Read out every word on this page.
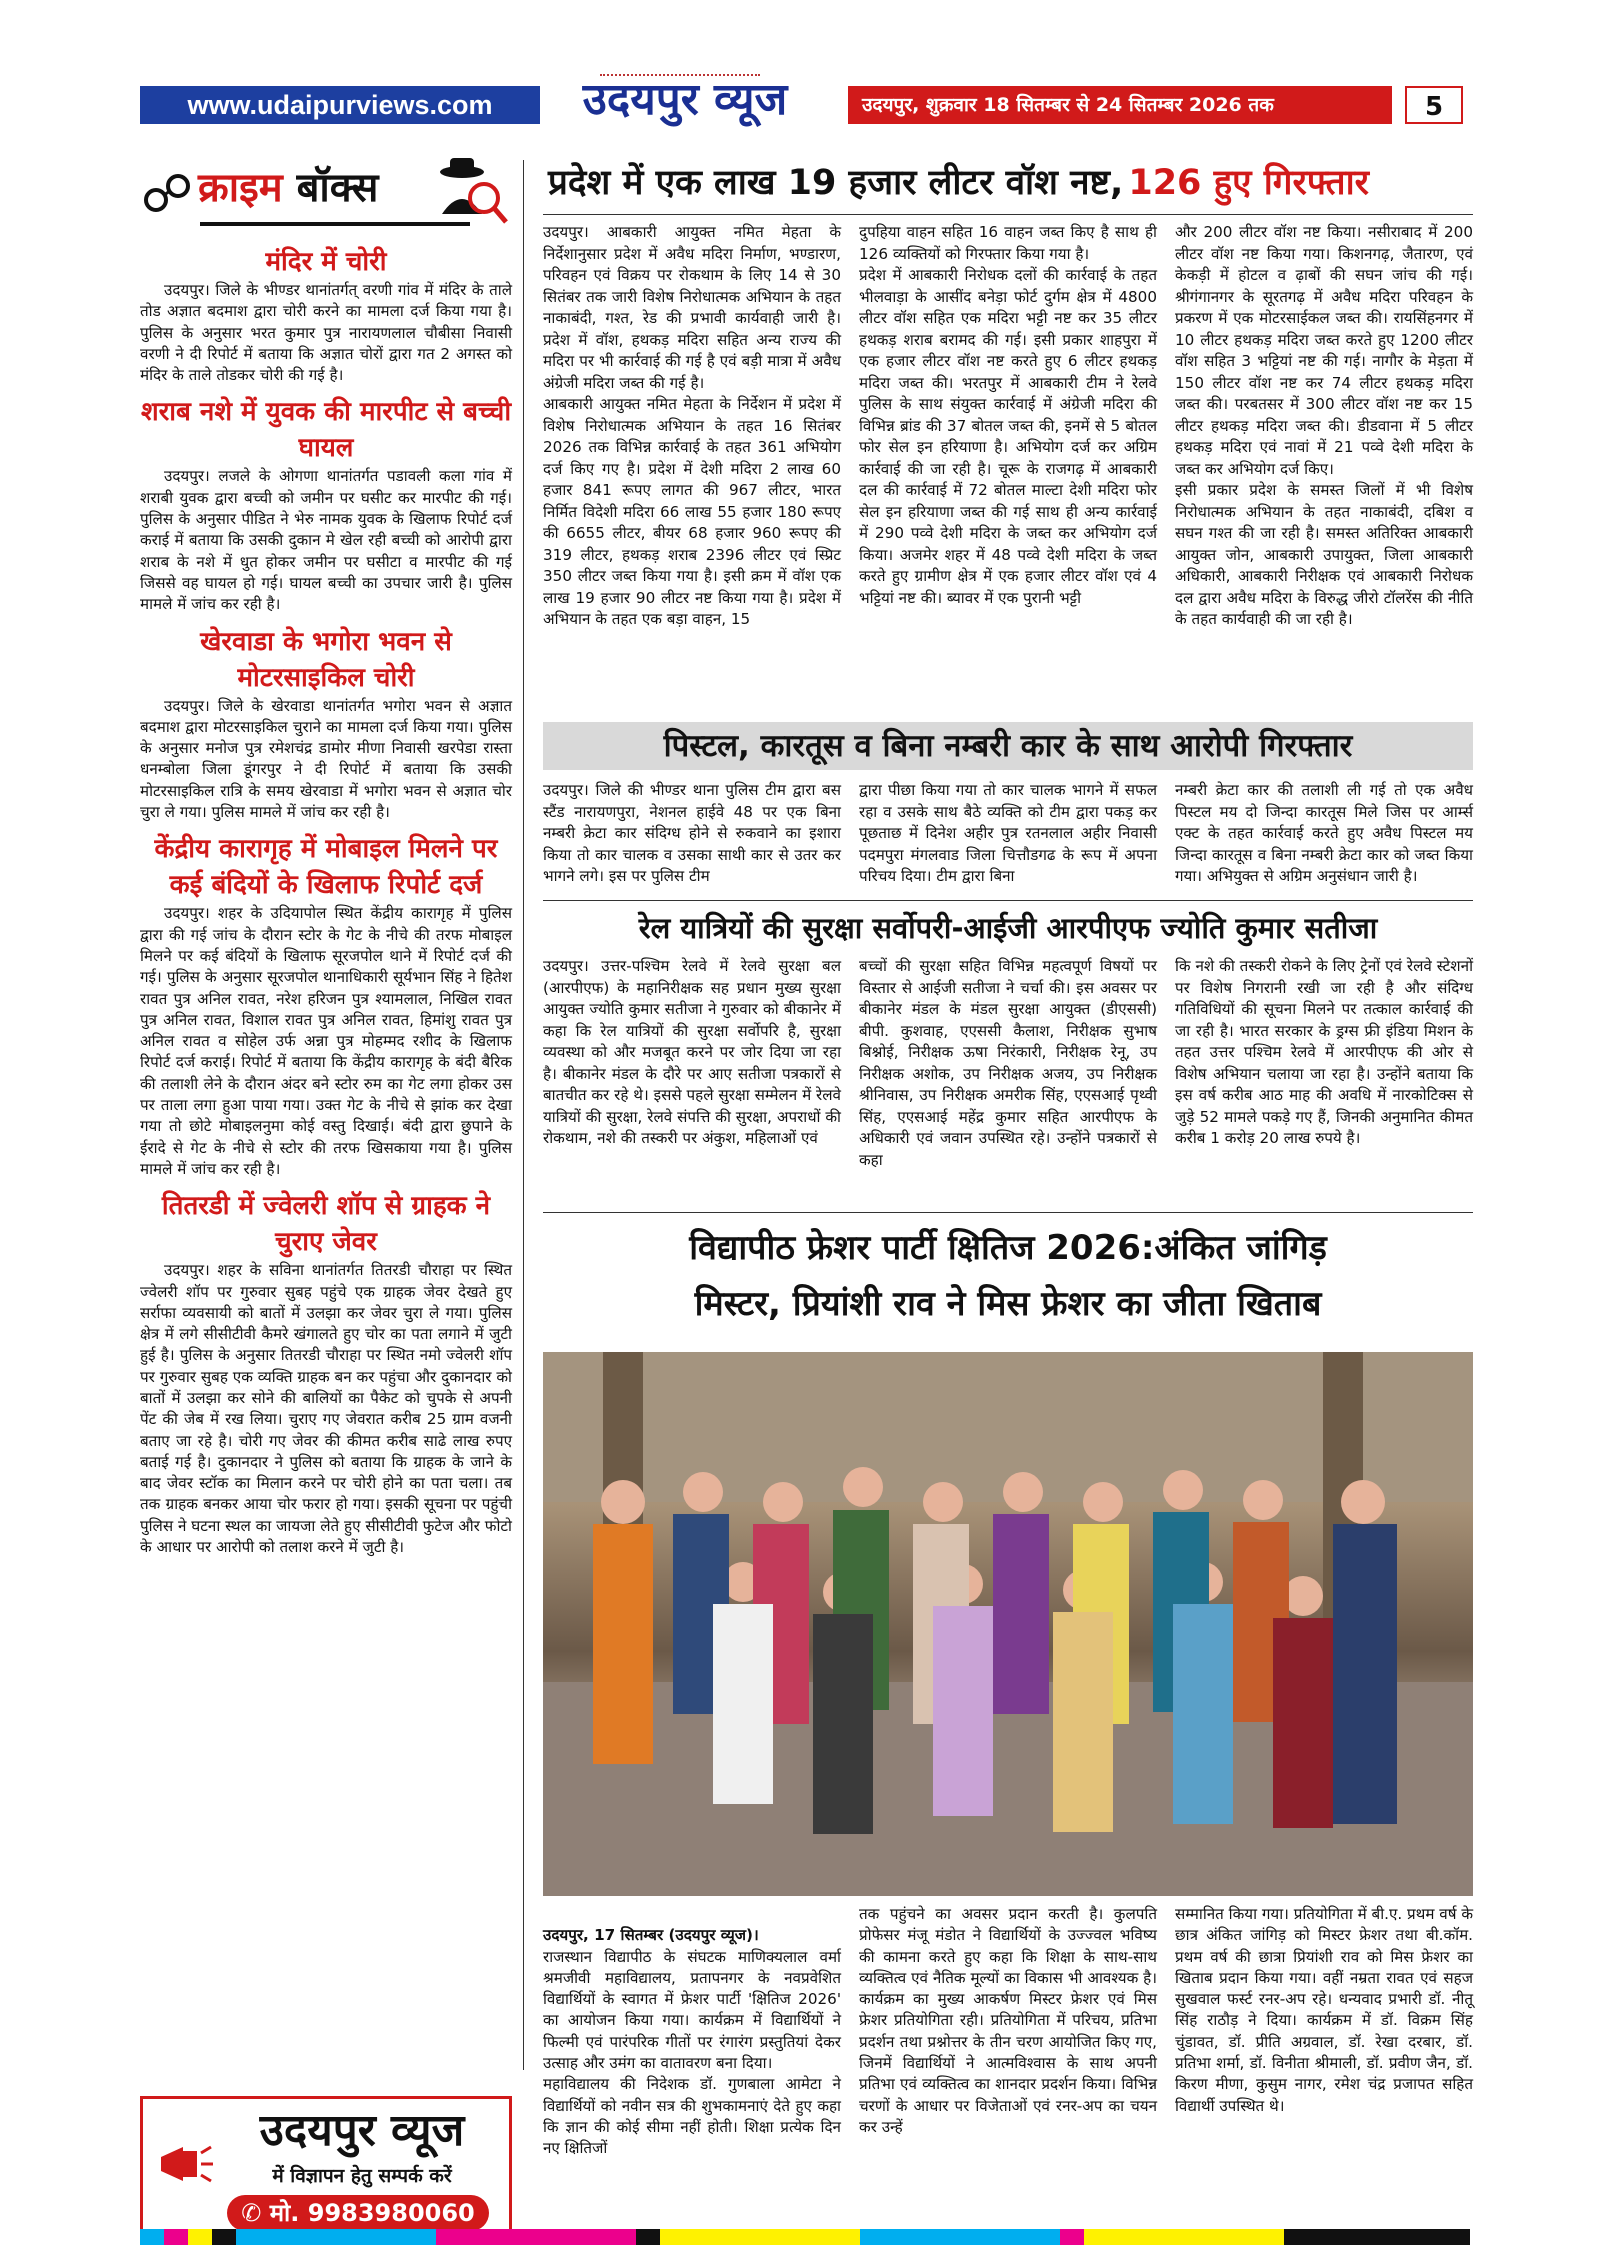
www.udaipurviews.com	उदयपुर व्यूज	उदयपुर, शुक्रवार 18 सितम्बर से 24 सितम्बर 2026 तक	5
क्राइम बॉक्स
मंदिर में चोरी

उदयपुर। जिले के भीण्डर थानांतर्गत् वरणी गांव में मंदिर के ताले तोड अज्ञात बदमाश द्वारा चोरी करने का मामला दर्ज किया गया है। पुलिस के अनुसार भरत कुमार पुत्र नारायणलाल चौबीसा निवासी वरणी ने दी रिपोर्ट में बताया कि अज्ञात चोरों द्वारा गत 2 अगस्त को मंदिर के ताले तोडकर चोरी की गई है।

शराब नशे में युवक की मारपीट से बच्ची घायल

उदयपुर। लजले के ओगणा थानांतर्गत पडावली कला गांव में शराबी युवक द्वारा बच्ची को जमीन पर घसीट कर मारपीट की गई। पुलिस के अनुसार पीडित ने भेरु नामक युवक के खिलाफ रिपोर्ट दर्ज कराई में बताया कि उसकी दुकान मे खेल रही बच्ची को आरोपी द्वारा शराब के नशे में धुत होकर जमीन पर घसीटा व मारपीट की गई जिससे वह घायल हो गई। घायल बच्ची का उपचार जारी है। पुलिस मामले में जांच कर रही है।

खेरवाडा के भगोरा भवन से मोटरसाइकिल चोरी

उदयपुर। जिले के खेरवाडा थानांतर्गत भगोरा भवन से अज्ञात बदमाश द्वारा मोटरसाइकिल चुराने का मामला दर्ज किया गया। पुलिस के अनुसार मनोज पुत्र रमेशचंद्र डामोर मीणा निवासी खरपेडा रास्ता धनम्बोला जिला डूंगरपुर ने दी रिपोर्ट में बताया कि उसकी मोटरसाइकिल रात्रि के समय खेरवाडा में भगोरा भवन से अज्ञात चोर चुरा ले गया। पुलिस मामले में जांच कर रही है।

केंद्रीय कारागृह में मोबाइल मिलने पर कई बंदियों के खिलाफ रिपोर्ट दर्ज

उदयपुर। शहर के उदियापोल स्थित केंद्रीय कारागृह में पुलिस द्वारा की गई जांच के दौरान स्टोर के गेट के नीचे की तरफ मोबाइल मिलने पर कई बंदियों के खिलाफ सूरजपोल थाने में रिपोर्ट दर्ज की गई। पुलिस के अनुसार सूरजपोल थानाधिकारी सूर्यभान सिंह ने हितेश रावत पुत्र अनिल रावत, नरेश हरिजन पुत्र श्यामलाल, निखिल रावत पुत्र अनिल रावत, विशाल रावत पुत्र अनिल रावत, हिमांशु रावत पुत्र अनिल रावत व सोहेल उर्फ अन्ना पुत्र मोहम्मद रशीद के खिलाफ रिपोर्ट दर्ज कराई। रिपोर्ट में बताया कि केंद्रीय कारागृह के बंदी बैरिक की तलाशी लेने के दौरान अंदर बने स्टोर रुम का गेट लगा होकर उस पर ताला लगा हुआ पाया गया। उक्त गेट के नीचे से झांक कर देखा गया तो छोटे मोबाइलनुमा कोई वस्तु दिखाई। बंदी द्वारा छुपाने के ईरादे से गेट के नीचे से स्टोर की तरफ खिसकाया गया है। पुलिस मामले में जांच कर रही है।

तितरडी में ज्वेलरी शॉप से ग्राहक ने चुराए जेवर

उदयपुर। शहर के सविना थानांतर्गत तितरडी चौराहा पर स्थित ज्वेलरी शॉप पर गुरुवार सुबह पहुंचे एक ग्राहक जेवर देखते हुए सर्राफा व्यवसायी को बातों में उलझा कर जेवर चुरा ले गया। पुलिस क्षेत्र में लगे सीसीटीवी कैमरे खंगालते हुए चोर का पता लगाने में जुटी हुई है। पुलिस के अनुसार तितरडी चौराहा पर स्थित नमो ज्वेलरी शॉप पर गुरुवार सुबह एक व्यक्ति ग्राहक बन कर पहुंचा और दुकानदार को बातों में उलझा कर सोने की बालियों का पैकेट को चुपके से अपनी पेंट की जेब में रख लिया। चुराए गए जेवरात करीब 25 ग्राम वजनी बताए जा रहे है। चोरी गए जेवर की कीमत करीब साढे लाख रुपए बताई गई है। दुकानदार ने पुलिस को बताया कि ग्राहक के जाने के बाद जेवर स्टॉक का मिलान करने पर चोरी होने का पता चला। तब तक ग्राहक बनकर आया चोर फरार हो गया। इसकी सूचना पर पहुंची पुलिस ने घटना स्थल का जायजा लेते हुए सीसीटीवी फुटेज और फोटो के आधार पर आरोपी को तलाश करने में जुटी है।

उदयपुर व्यूज
में विज्ञापन हेतु सम्पर्क करें
✆ मो. 9983980060
प्रदेश में एक लाख 19 हजार लीटर वॉश नष्ट, 126 हुए गिरफ्तार
उदयपुर। आबकारी आयुक्त नमित मेहता के निर्देशानुसार प्रदेश में अवैध मदिरा निर्माण, भण्डारण, परिवहन एवं विक्रय पर रोकथाम के लिए 14 से 30 सितंबर तक जारी विशेष निरोधात्मक अभियान के तहत नाकाबंदी, गश्त, रेड की प्रभावी कार्यवाही जारी है। प्रदेश में वॉश, हथकड़ मदिरा सहित अन्य राज्य की मदिरा पर भी कार्रवाई की गई है एवं बड़ी मात्रा में अवैध अंग्रेजी मदिरा जब्त की गई है।
आबकारी आयुक्त नमित मेहता के निर्देशन में प्रदेश में विशेष निरोधात्मक अभियान के तहत 16 सितंबर 2026 तक विभिन्न कार्रवाई के तहत 361 अभियोग दर्ज किए गए है। प्रदेश में देशी मदिरा 2 लाख 60 हजार 841 रूपए लागत की 967 लीटर, भारत निर्मित विदेशी मदिरा 66 लाख 55 हजार 180 रूपए की 6655 लीटर, बीयर 68 हजार 960 रूपए की 319 लीटर, हथकड़ शराब 2396 लीटर एवं स्प्रिट 350 लीटर जब्त किया गया है। इसी क्रम में वॉश एक लाख 19 हजार 90 लीटर नष्ट किया गया है। प्रदेश में अभियान के तहत एक बड़ा वाहन, 15
दुपहिया वाहन सहित 16 वाहन जब्त किए है साथ ही 126 व्यक्तियों को गिरफ्तार किया गया है।
प्रदेश में आबकारी निरोधक दलों की कार्रवाई के तहत भीलवाड़ा के आसींद बनेड़ा फोर्ट दुर्गम क्षेत्र में 4800 लीटर वॉश सहित एक मदिरा भट्टी नष्ट कर 35 लीटर हथकड़ शराब बरामद की गई। इसी प्रकार शाहपुरा में एक हजार लीटर वॉश नष्ट करते हुए 6 लीटर हथकड़ मदिरा जब्त की। भरतपुर में आबकारी टीम ने रेलवे पुलिस के साथ संयुक्त कार्रवाई में अंग्रेजी मदिरा की विभिन्न ब्रांड की 37 बोतल जब्त की, इनमें से 5 बोतल फोर सेल इन हरियाणा है। अभियोग दर्ज कर अग्रिम कार्रवाई की जा रही है। चूरू के राजगढ़ में आबकारी दल की कार्रवाई में 72 बोतल माल्टा देशी मदिरा फोर सेल इन हरियाणा जब्त की गई साथ ही अन्य कार्रवाई में 290 पव्वे देशी मदिरा के जब्त कर अभियोग दर्ज किया। अजमेर शहर में 48 पव्वे देशी मदिरा के जब्त करते हुए ग्रामीण क्षेत्र में एक हजार लीटर वॉश एवं 4 भट्टियां नष्ट की। ब्यावर में एक पुरानी भट्टी
और 200 लीटर वॉश नष्ट किया। नसीराबाद में 200 लीटर वॉश नष्ट किया गया। किशनगढ़, जैतारण, एवं केकड़ी में होटल व ढ़ाबों की सघन जांच की गई। श्रीगंगानगर के सूरतगढ़ में अवैध मदिरा परिवहन के प्रकरण में एक मोटरसाईकल जब्त की। रायसिंहनगर में 10 लीटर हथकड़ मदिरा जब्त करते हुए 1200 लीटर वॉश सहित 3 भट्टियां नष्ट की गई। नागौर के मेड़ता में 150 लीटर वॉश नष्ट कर 74 लीटर हथकड़ मदिरा जब्त की। परबतसर में 300 लीटर वॉश नष्ट कर 15 लीटर हथकड़ मदिरा जब्त की। डीडवाना में 5 लीटर हथकड़ मदिरा एवं नावां में 21 पव्वे देशी मदिरा के जब्त कर अभियोग दर्ज किए।
इसी प्रकार प्रदेश के समस्त जिलों में भी विशेष निरोधात्मक अभियान के तहत नाकाबंदी, दबिश व सघन गश्त की जा रही है। समस्त अतिरिक्त आबकारी आयुक्त जोन, आबकारी उपायुक्त, जिला आबकारी अधिकारी, आबकारी निरीक्षक एवं आबकारी निरोधक दल द्वारा अवैध मदिरा के विरुद्ध जीरो टॉलरेंस की नीति के तहत कार्यवाही की जा रही है।
पिस्टल, कारतूस व बिना नम्बरी कार के साथ आरोपी गिरफ्तार
उदयपुर। जिले की भीण्डर थाना पुलिस टीम द्वारा बस स्टैंड नारायणपुरा, नेशनल हाईवे 48 पर एक बिना नम्बरी क्रेटा कार संदिग्ध होने से रुकवाने का इशारा किया तो कार चालक व उसका साथी कार से उतर कर भागने लगे। इस पर पुलिस टीम
द्वारा पीछा किया गया तो कार चालक भागने में सफल रहा व उसके साथ बैठे व्यक्ति को टीम द्वारा पकड़ कर पूछताछ में दिनेश अहीर पुत्र रतनलाल अहीर निवासी पदमपुरा मंगलवाड जिला चित्तौडगढ के रूप में अपना परिचय दिया। टीम द्वारा बिना
नम्बरी क्रेटा कार की तलाशी ली गई तो एक अवैध पिस्टल मय दो जिन्दा कारतूस मिले जिस पर आर्म्स एक्ट के तहत कार्रवाई करते हुए अवैध पिस्टल मय जिन्दा कारतूस व बिना नम्बरी क्रेटा कार को जब्त किया गया। अभियुक्त से अग्रिम अनुसंधान जारी है।
रेल यात्रियों की सुरक्षा सर्वोपरी-आईजी आरपीएफ ज्योति कुमार सतीजा
उदयपुर। उत्तर-पश्चिम रेलवे में रेलवे सुरक्षा बल (आरपीएफ) के महानिरीक्षक सह प्रधान मुख्य सुरक्षा आयुक्त ज्योति कुमार सतीजा ने गुरुवार को बीकानेर में कहा कि रेल यात्रियों की सुरक्षा सर्वोपरि है, सुरक्षा व्यवस्था को और मजबूत करने पर जोर दिया जा रहा है। बीकानेर मंडल के दौरे पर आए सतीजा पत्रकारों से बातचीत कर रहे थे। इससे पहले सुरक्षा सम्मेलन में रेलवे यात्रियों की सुरक्षा, रेलवे संपत्ति की सुरक्षा, अपराधों की रोकथाम, नशे की तस्करी पर अंकुश, महिलाओं एवं
बच्चों की सुरक्षा सहित विभिन्न महत्वपूर्ण विषयों पर विस्तार से आईजी सतीजा ने चर्चा की। इस अवसर पर बीकानेर मंडल के मंडल सुरक्षा आयुक्त (डीएससी) बीपी. कुशवाह, एएससी कैलाश, निरीक्षक सुभाष बिश्नोई, निरीक्षक ऊषा निरंकारी, निरीक्षक रेनू, उप निरीक्षक अशोक, उप निरीक्षक अजय, उप निरीक्षक श्रीनिवास, उप निरीक्षक अमरीक सिंह, एएसआई पृथ्वी सिंह, एएसआई महेंद्र कुमार सहित आरपीएफ के अधिकारी एवं जवान उपस्थित रहे। उन्होंने पत्रकारों से कहा
कि नशे की तस्करी रोकने के लिए ट्रेनों एवं रेलवे स्टेशनों पर विशेष निगरानी रखी जा रही है और संदिग्ध गतिविधियों की सूचना मिलने पर तत्काल कार्रवाई की जा रही है। भारत सरकार के ड्रग्स फ्री इंडिया मिशन के तहत उत्तर पश्चिम रेलवे में आरपीएफ की ओर से विशेष अभियान चलाया जा रहा है। उन्होंने बताया कि इस वर्ष करीब आठ माह की अवधि में नारकोटिक्स से जुड़े 52 मामले पकड़े गए हैं, जिनकी अनुमानित कीमत करीब 1 करोड़ 20 लाख रुपये है।
विद्यापीठ फ्रेशर पार्टी क्षितिज 2026:अंकित जांगिड़
मिस्टर, प्रियांशी राव ने मिस फ्रेशर का जीता खिताब

उदयपुर, 17 सितम्बर (उदयपुर व्यूज)।
राजस्थान विद्यापीठ के संघटक माणिक्यलाल वर्मा श्रमजीवी महाविद्यालय, प्रतापनगर के नवप्रवेशित विद्यार्थियों के स्वागत में फ्रेशर पार्टी 'क्षितिज 2026' का आयोजन किया गया। कार्यक्रम में विद्यार्थियों ने फिल्मी एवं पारंपरिक गीतों पर रंगारंग प्रस्तुतियां देकर उत्साह और उमंग का वातावरण बना दिया।
महाविद्यालय की निदेशक डॉ. गुणबाला आमेटा ने विद्यार्थियों को नवीन सत्र की शुभकामनाएं देते हुए कहा कि ज्ञान की कोई सीमा नहीं होती। शिक्षा प्रत्येक दिन नए क्षितिजों

तक पहुंचने का अवसर प्रदान करती है। कुलपति प्रोफेसर मंजू मंडोत ने विद्यार्थियों के उज्ज्वल भविष्य की कामना करते हुए कहा कि शिक्षा के साथ-साथ व्यक्तित्व एवं नैतिक मूल्यों का विकास भी आवश्यक है। कार्यक्रम का मुख्य आकर्षण मिस्टर फ्रेशर एवं मिस फ्रेशर प्रतियोगिता रही। प्रतियोगिता में परिचय, प्रतिभा प्रदर्शन तथा प्रश्नोत्तर के तीन चरण आयोजित किए गए, जिनमें विद्यार्थियों ने आत्मविश्वास के साथ अपनी प्रतिभा एवं व्यक्तित्व का शानदार प्रदर्शन किया। विभिन्न चरणों के आधार पर विजेताओं एवं रनर-अप का चयन कर उन्हें
सम्मानित किया गया। प्रतियोगिता में बी.ए. प्रथम वर्ष के छात्र अंकित जांगिड़ को मिस्टर फ्रेशर तथा बी.कॉम. प्रथम वर्ष की छात्रा प्रियांशी राव को मिस फ्रेशर का खिताब प्रदान किया गया। वहीं नम्रता रावत एवं सहज सुखवाल फर्स्ट रनर-अप रहे। धन्यवाद प्रभारी डॉ. नीतू सिंह राठौड़ ने दिया। कार्यक्रम में डॉ. विक्रम सिंह चुंडावत, डॉ. प्रीति अग्रवाल, डॉ. रेखा दरबार, डॉ. प्रतिभा शर्मा, डॉ. विनीता श्रीमाली, डॉ. प्रवीण जैन, डॉ. किरण मीणा, कुसुम नागर, रमेश चंद्र प्रजापत सहित विद्यार्थी उपस्थित थे।
